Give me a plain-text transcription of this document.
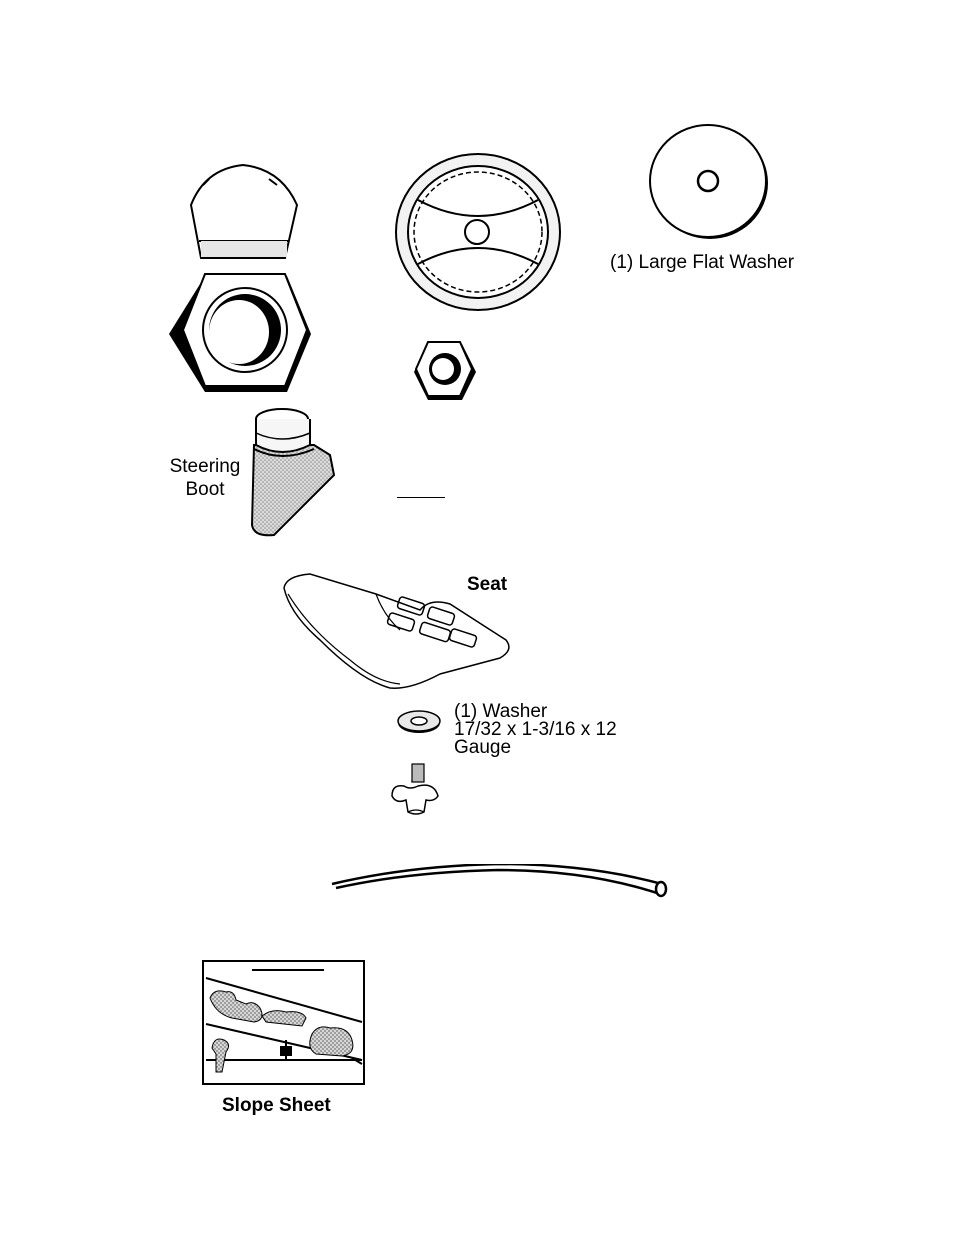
(1) Large Flat Washer
Steering
Boot
Seat
(1) Washer
17/32 x 1-3/16 x 12
Gauge
Slope Sheet
